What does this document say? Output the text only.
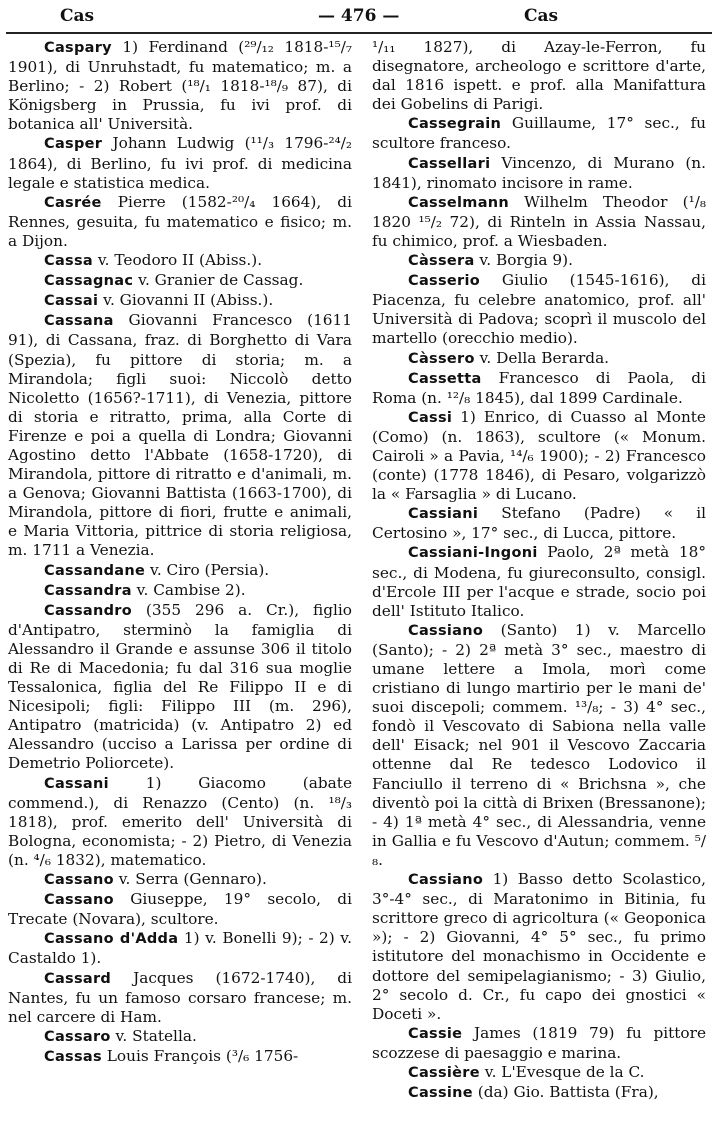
Cas	— 476 —	Cas

Caspary 1) Ferdinand (²⁹/₁₂ 1818-¹⁵/₇ 1901), di Unruhstadt, fu matematico; m. a Berlino; - 2) Robert (¹⁸/₁ 1818-¹⁸/₉ 87), di Königsberg in Prussia, fu ivi prof. di botanica all' Università.

Casper Johann Ludwig (¹¹/₃ 1796-²⁴/₂ 1864), di Berlino, fu ivi prof. di medicina legale e statistica medica.

Casrée Pierre (1582-²⁰/₄ 1664), di Rennes, gesuita, fu matematico e fisico; m. a Dijon.

Cassa v. Teodoro II (Abiss.).

Cassagnac v. Granier de Cassag.

Cassai v. Giovanni II (Abiss.).

Cassana Giovanni Francesco (1611 91), di Cassana, fraz. di Borghetto di Vara (Spezia), fu pittore di storia; m. a Mirandola; figli suoi: Niccolò detto Nicoletto (1656?-1711), di Venezia, pittore di storia e ritratto, prima, alla Corte di Firenze e poi a quella di Londra; Giovanni Agostino detto l'Abbate (1658-1720), di Mirandola, pittore di ritratto e d'animali, m. a Genova; Giovanni Battista (1663-1700), di Mirandola, pittore di fiori, frutte e animali, e Maria Vittoria, pittrice di storia religiosa, m. 1711 a Venezia.

Cassandane v. Ciro (Persia).

Cassandra v. Cambise 2).

Cassandro (355 296 a. Cr.), figlio d'Antipatro, sterminò la famiglia di Alessandro il Grande e assunse 306 il titolo di Re di Macedonia; fu dal 316 sua moglie Tessalonica, figlia del Re Filippo II e di Nicesipoli; figli: Filippo III (m. 296), Antipatro (matricida) (v. Antipatro 2) ed Alessandro (ucciso a Larissa per ordine di Demetrio Poliorcete).

Cassani 1) Giacomo (abate commend.), di Renazzo (Cento) (n. ¹⁸/₃ 1818), prof. emerito dell' Università di Bologna, economista; - 2) Pietro, di Venezia (n. ⁴/₆ 1832), matematico.

Cassano v. Serra (Gennaro).

Cassano Giuseppe, 19° secolo, di Trecate (Novara), scultore.

Cassano d'Adda 1) v. Bonelli 9); - 2) v. Castaldo 1).

Cassard Jacques (1672-1740), di Nantes, fu un famoso corsaro francese; m. nel carcere di Ham.

Cassaro v. Statella.

Cassas Louis François (³/₆ 1756-

¹/₁₁ 1827), di Azay-le-Ferron, fu disegnatore, archeologo e scrittore d'arte, dal 1816 ispett. e prof. alla Manifattura dei Gobelins di Parigi.

Cassegrain Guillaume, 17° sec., fu scultore franceso.

Cassellari Vincenzo, di Murano (n. 1841), rinomato incisore in rame.

Casselmann Wilhelm Theodor (¹/₈ 1820 ¹⁵/₂ 72), di Rinteln in Assia Nassau, fu chimico, prof. a Wiesbaden.

Càssera v. Borgia 9).

Casserio Giulio (1545-1616), di Piacenza, fu celebre anatomico, prof. all' Università di Padova; scoprì il muscolo del martello (orecchio medio).

Càssero v. Della Berarda.

Cassetta Francesco di Paola, di Roma (n. ¹²/₈ 1845), dal 1899 Cardinale.

Cassi 1) Enrico, di Cuasso al Monte (Como) (n. 1863), scultore (« Monum. Cairoli » a Pavia, ¹⁴/₆ 1900); - 2) Francesco (conte) (1778 1846), di Pesaro, volgarizzò la « Farsaglia » di Lucano.

Cassiani Stefano (Padre) « il Certosino », 17° sec., di Lucca, pittore.

Cassiani-Ingoni Paolo, 2ª metà 18° sec., di Modena, fu giureconsulto, consigl. d'Ercole III per l'acque e strade, socio poi dell' Istituto Italico.

Cassiano (Santo) 1) v. Marcello (Santo); - 2) 2ª metà 3° sec., maestro di umane lettere a Imola, morì come cristiano di lungo martirio per le mani de' suoi discepoli; commem. ¹³/₈; - 3) 4° sec., fondò il Vescovato di Sabiona nella valle dell' Eisack; nel 901 il Vescovo Zaccaria ottenne dal Re tedesco Lodovico il Fanciullo il terreno di « Brichsna », che diventò poi la città di Brixen (Bressanone); - 4) 1ª metà 4° sec., di Alessandria, venne in Gallia e fu Vescovo d'Autun; commem. ⁵/₈.

Cassiano 1) Basso detto Scolastico, 3°-4° sec., di Maratonimo in Bitinia, fu scrittore greco di agricoltura (« Geoponica »); - 2) Giovanni, 4° 5° sec., fu primo istitutore del monachismo in Occidente e dottore del semipelagianismo; - 3) Giulio, 2° secolo d. Cr., fu capo dei gnostici « Doceti ».

Cassie James (1819 79) fu pittore scozzese di paesaggio e marina.

Cassière v. L'Evesque de la C.

Cassine (da) Gio. Battista (Fra),
